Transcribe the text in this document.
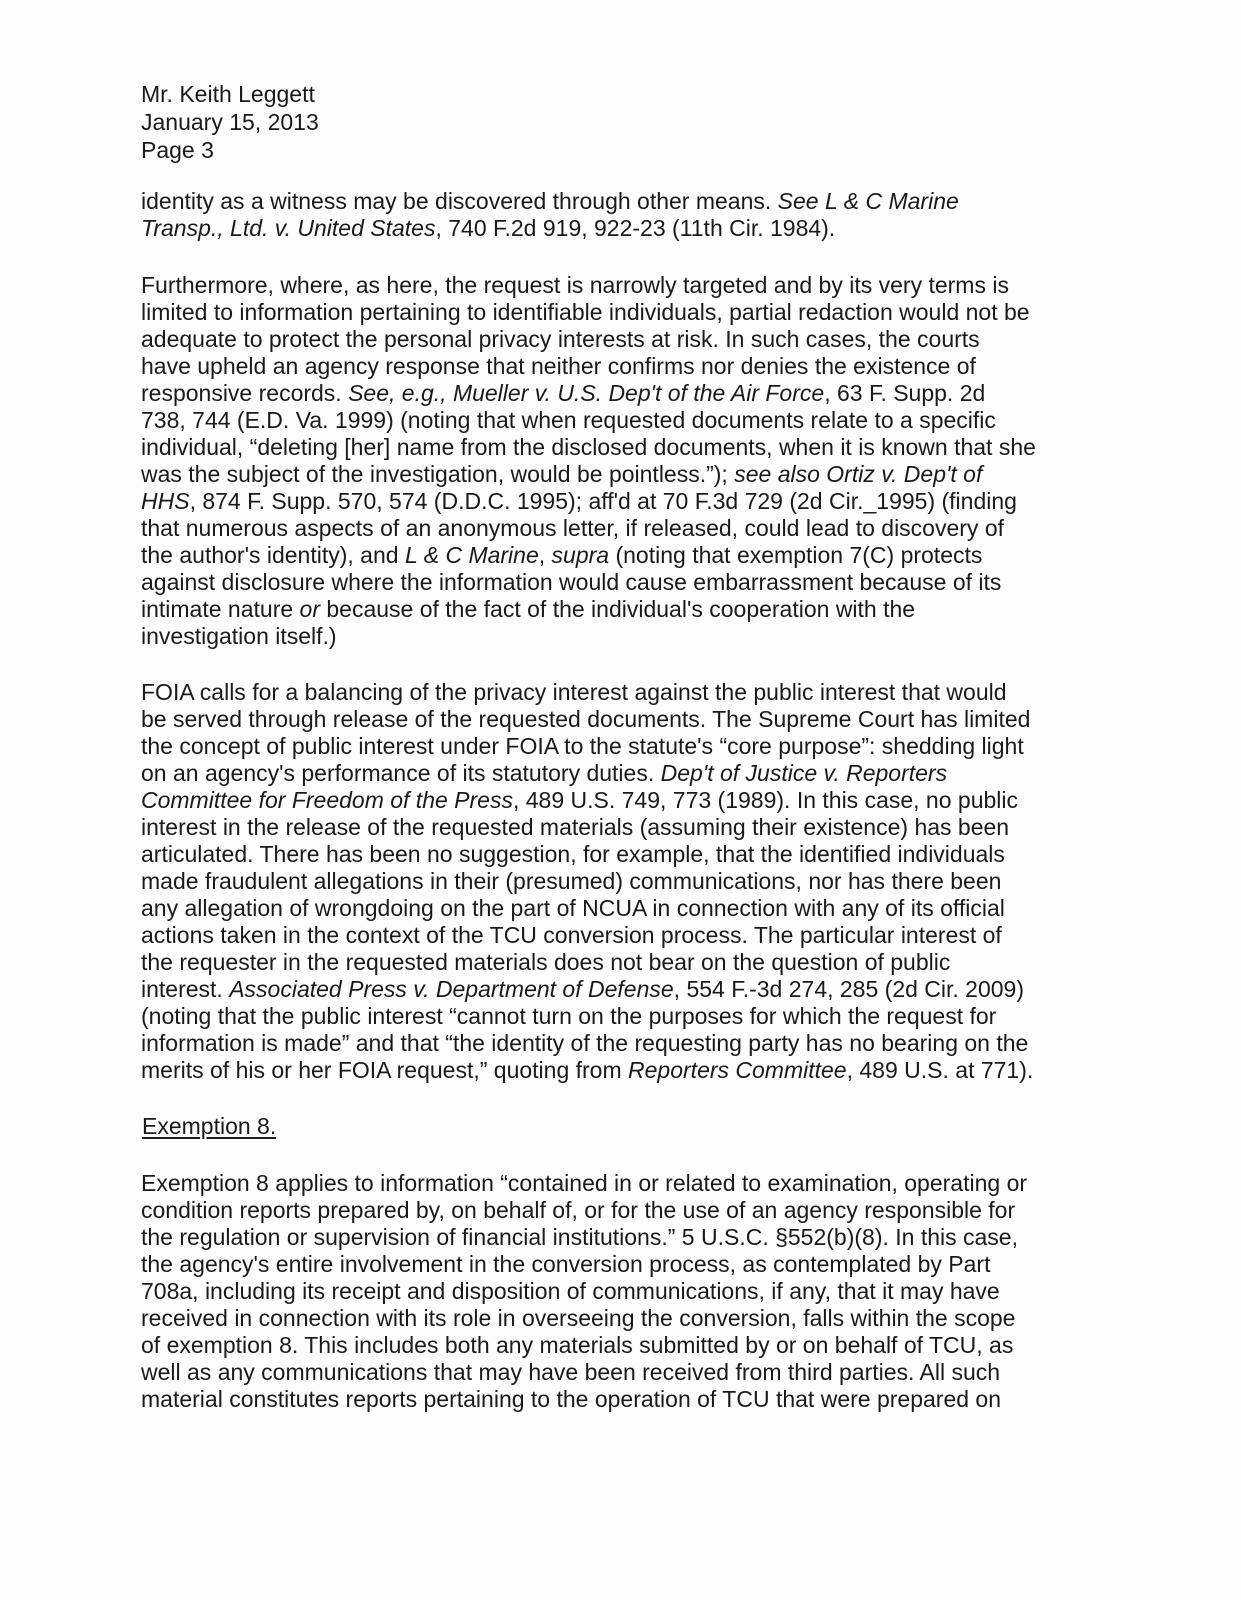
Mr. Keith Leggett
January 15, 2013
Page 3
identity as a witness may be discovered through other means. See L & C Marine
Transp., Ltd. v. United States, 740 F.2d 919, 922-23 (11th Cir. 1984).
Furthermore, where, as here, the request is narrowly targeted and by its very terms is
limited to information pertaining to identifiable individuals, partial redaction would not be
adequate to protect the personal privacy interests at risk. In such cases, the courts
have upheld an agency response that neither confirms nor denies the existence of
responsive records. See, e.g., Mueller v. U.S. Dep't of the Air Force, 63 F. Supp. 2d
738, 744 (E.D. Va. 1999) (noting that when requested documents relate to a specific
individual, “deleting [her] name from the disclosed documents, when it is known that she
was the subject of the investigation, would be pointless.”); see also Ortiz v. Dep't of
HHS, 874 F. Supp. 570, 574 (D.D.C. 1995); aff'd at 70 F.3d 729 (2d Cir._1995) (finding
that numerous aspects of an anonymous letter, if released, could lead to discovery of
the author's identity), and L & C Marine, supra (noting that exemption 7(C) protects
against disclosure where the information would cause embarrassment because of its
intimate nature or because of the fact of the individual's cooperation with the
investigation itself.)
FOIA calls for a balancing of the privacy interest against the public interest that would
be served through release of the requested documents. The Supreme Court has limited
the concept of public interest under FOIA to the statute's “core purpose”: shedding light
on an agency's performance of its statutory duties. Dep't of Justice v. Reporters
Committee for Freedom of the Press, 489 U.S. 749, 773 (1989). In this case, no public
interest in the release of the requested materials (assuming their existence) has been
articulated. There has been no suggestion, for example, that the identified individuals
made fraudulent allegations in their (presumed) communications, nor has there been
any allegation of wrongdoing on the part of NCUA in connection with any of its official
actions taken in the context of the TCU conversion process. The particular interest of
the requester in the requested materials does not bear on the question of public
interest. Associated Press v. Department of Defense, 554 F.-3d 274, 285 (2d Cir. 2009)
(noting that the public interest “cannot turn on the purposes for which the request for
information is made” and that “the identity of the requesting party has no bearing on the
merits of his or her FOIA request,” quoting from Reporters Committee, 489 U.S. at 771).
Exemption 8.
Exemption 8 applies to information “contained in or related to examination, operating or
condition reports prepared by, on behalf of, or for the use of an agency responsible for
the regulation or supervision of financial institutions.” 5 U.S.C. §552(b)(8). In this case,
the agency's entire involvement in the conversion process, as contemplated by Part
708a, including its receipt and disposition of communications, if any, that it may have
received in connection with its role in overseeing the conversion, falls within the scope
of exemption 8. This includes both any materials submitted by or on behalf of TCU, as
well as any communications that may have been received from third parties. All such
material constitutes reports pertaining to the operation of TCU that were prepared on
